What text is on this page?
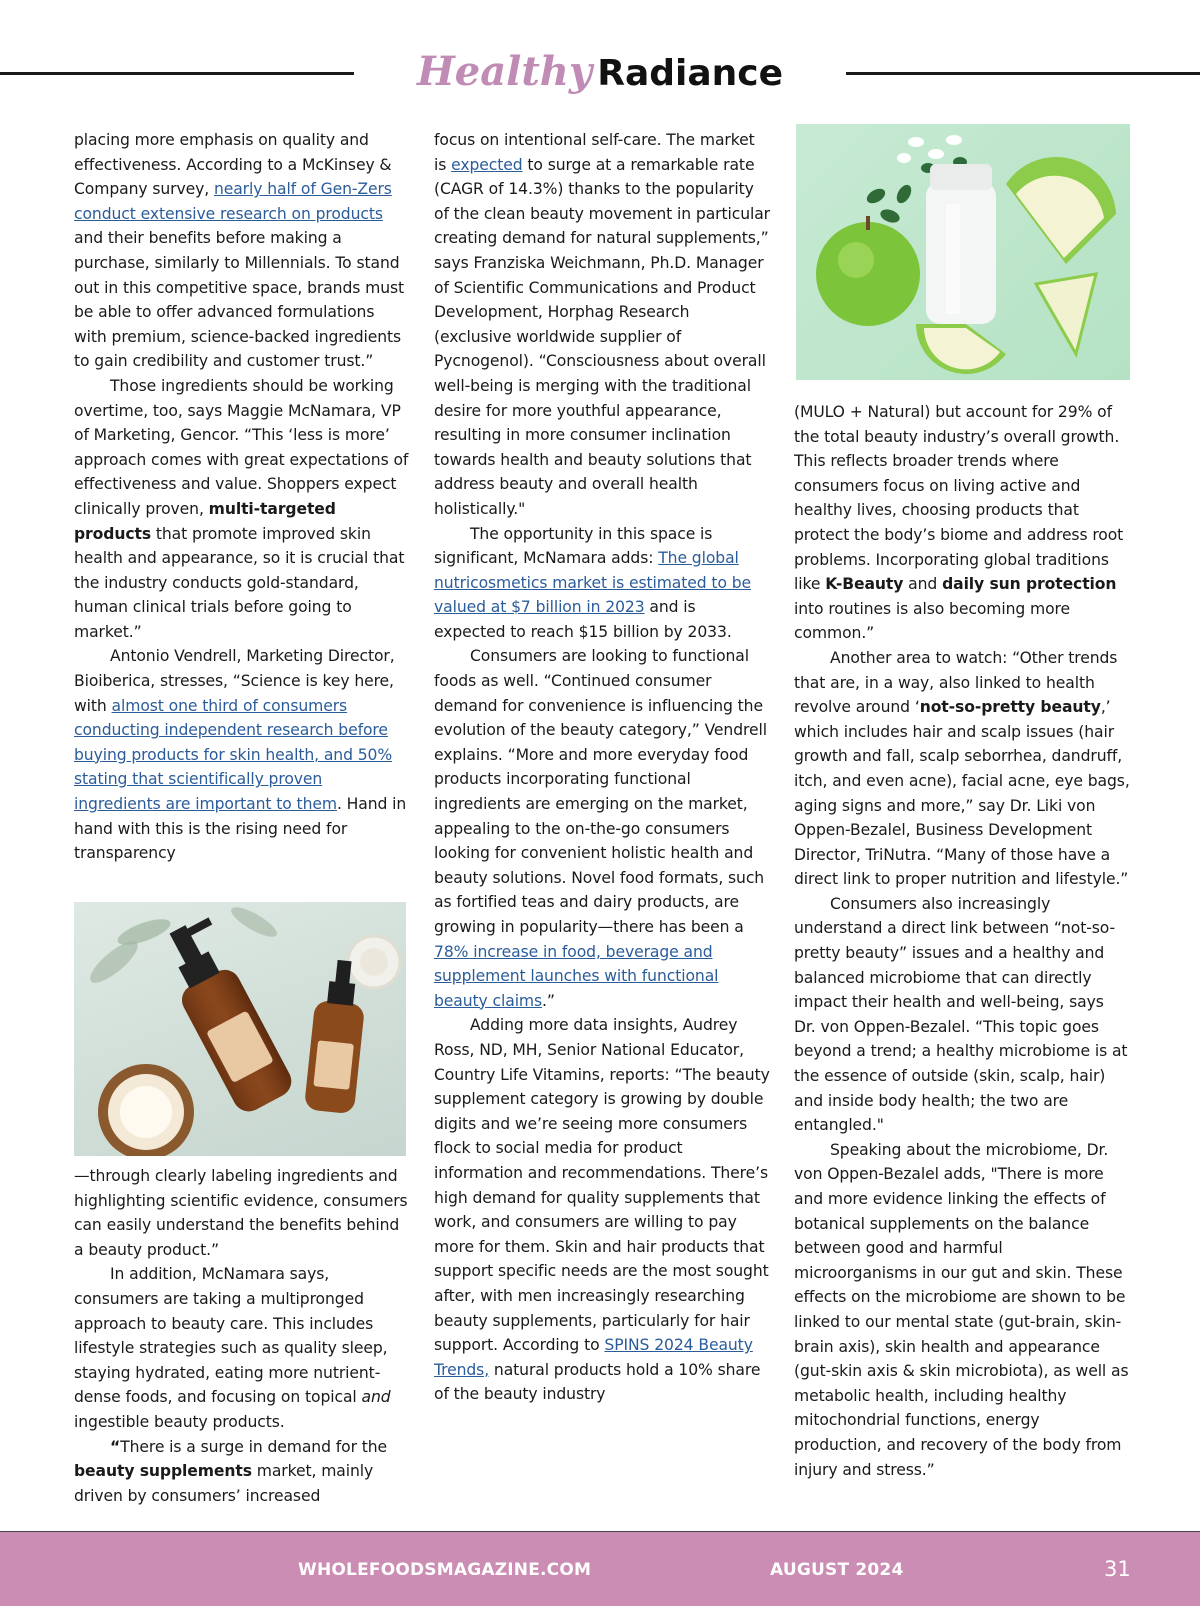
Healthy Radiance

placing more emphasis on quality and effectiveness. According to a McKinsey & Company survey, nearly half of Gen-Zers conduct extensive research on products and their benefits before making a purchase, similarly to Millennials. To stand out in this competitive space, brands must be able to offer advanced formulations with premium, science-backed ingredients to gain credibility and customer trust.”

Those ingredients should be working overtime, too, says Maggie McNamara, VP of Marketing, Gencor. “This ‘less is more’ approach comes with great expectations of effectiveness and value. Shoppers expect clinically proven, multi-targeted products that promote improved skin health and appearance, so it is crucial that the industry conducts gold-standard, human clinical trials before going to market.”

Antonio Vendrell, Marketing Director, Bioiberica, stresses, “Science is key here, with almost one third of consumers conducting independent research before buying products for skin health, and 50% stating that scientifically proven ingredients are important to them. Hand in hand with this is the rising need for transparency

—through clearly labeling ingredients and highlighting scientific evidence, consumers can easily understand the benefits behind a beauty product.”

In addition, McNamara says, consumers are taking a multipronged approach to beauty care. This includes lifestyle strategies such as quality sleep, staying hydrated, eating more nutrient-dense foods, and focusing on topical and ingestible beauty products.

“There is a surge in demand for the beauty supplements market, mainly driven by consumers’ increased

focus on intentional self-care. The market is expected to surge at a remarkable rate (CAGR of 14.3%) thanks to the popularity of the clean beauty movement in particular creating demand for natural supplements,” says Franziska Weichmann, Ph.D. Manager of Scientific Communications and Product Development, Horphag Research (exclusive worldwide supplier of Pycnogenol). “Consciousness about overall well-being is merging with the traditional desire for more youthful appearance, resulting in more consumer inclination towards health and beauty solutions that address beauty and overall health holistically."

The opportunity in this space is significant, McNamara adds: The global nutricosmetics market is estimated to be valued at $7 billion in 2023 and is expected to reach $15 billion by 2033.

Consumers are looking to functional foods as well. “Continued consumer demand for convenience is influencing the evolution of the beauty category,” Vendrell explains. “More and more everyday food products incorporating functional ingredients are emerging on the market, appealing to the on-the-go consumers looking for convenient holistic health and beauty solutions. Novel food formats, such as fortified teas and dairy products, are growing in popularity—there has been a 78% increase in food, beverage and supplement launches with functional beauty claims.”

Adding more data insights, Audrey Ross, ND, MH, Senior National Educator, Country Life Vitamins, reports: “The beauty supplement category is growing by double digits and we’re seeing more consumers flock to social media for product information and recommendations. There’s high demand for quality supplements that work, and consumers are willing to pay more for them. Skin and hair products that support specific needs are the most sought after, with men increasingly researching beauty supplements, particularly for hair support. According to SPINS 2024 Beauty Trends, natural products hold a 10% share of the beauty industry

(MULO + Natural) but account for 29% of the total beauty industry’s overall growth. This reflects broader trends where consumers focus on living active and healthy lives, choosing products that protect the body’s biome and address root problems. Incorporating global traditions like K-Beauty and daily sun protection into routines is also becoming more common.”

Another area to watch: “Other trends that are, in a way, also linked to health revolve around ‘not-so-pretty beauty,’ which includes hair and scalp issues (hair growth and fall, scalp seborrhea, dandruff, itch, and even acne), facial acne, eye bags, aging signs and more,” say Dr. Liki von Oppen-Bezalel, Business Development Director, TriNutra. “Many of those have a direct link to proper nutrition and lifestyle.”

Consumers also increasingly understand a direct link between “not-so-pretty beauty” issues and a healthy and balanced microbiome that can directly impact their health and well-being, says Dr. von Oppen-Bezalel. “This topic goes beyond a trend; a healthy microbiome is at the essence of outside (skin, scalp, hair) and inside body health; the two are entangled."

Speaking about the microbiome, Dr. von Oppen-Bezalel adds, "There is more and more evidence linking the effects of botanical supplements on the balance between good and harmful microorganisms in our gut and skin. These effects on the microbiome are shown to be linked to our mental state (gut-brain, skin-brain axis), skin health and appearance (gut-skin axis & skin microbiota), as well as metabolic health, including healthy mitochondrial functions, energy production, and recovery of the body from injury and stress.”

WHOLEFOODSMAGAZINE.COM	AUGUST 2024	31
